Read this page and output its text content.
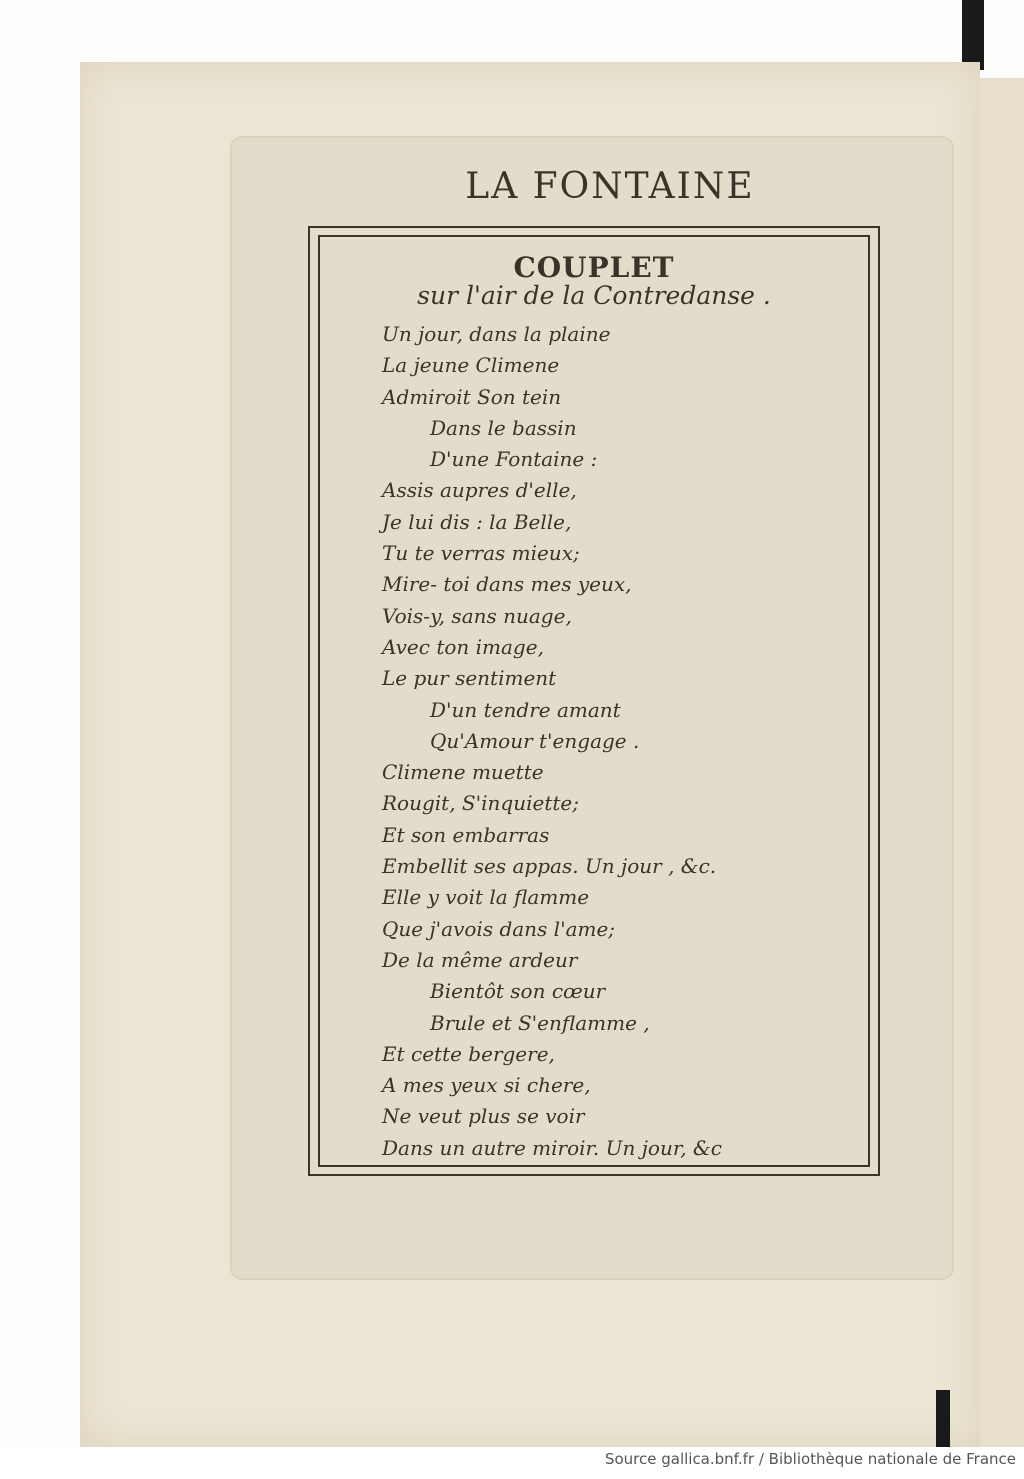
LA FONTAINE
COUPLET
sur l'air de la Contredanse .
Un jour, dans la plaine
La jeune Climene
Admiroit Son tein
Dans le bassin
D'une Fontaine :
Assis aupres d'elle,
Je lui dis : la Belle,
Tu te verras mieux;
Mire- toi dans mes yeux,
Vois-y, sans nuage,
Avec ton image,
Le pur sentiment
D'un tendre amant
Qu'Amour t'engage .
Climene muette
Rougit, S'inquiette;
Et son embarras
Embellit ses appas. Un jour , &c.
Elle y voit la flamme
Que j'avois dans l'ame;
De la même ardeur
Bientôt son cœur
Brule et S'enflamme ,
Et cette bergere,
A mes yeux si chere,
Ne veut plus se voir
Dans un autre miroir. Un jour, &c
Source gallica.bnf.fr / Bibliothèque nationale de France
